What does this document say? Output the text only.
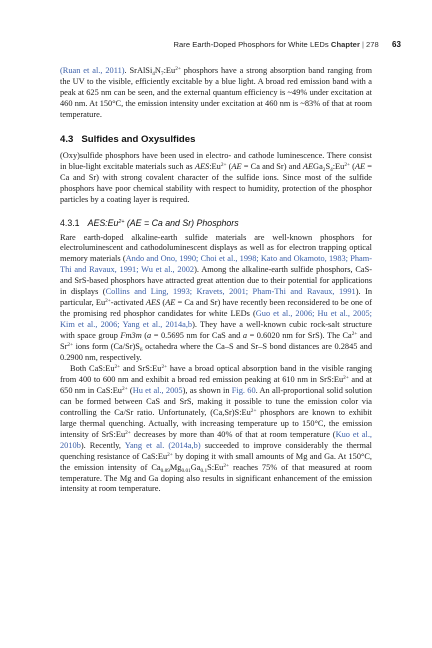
Rare Earth-Doped Phosphors for White LEDs Chapter | 278 63

(Ruan et al., 2011). $SrAlSi_4N_7:Eu^{2+}$ phosphors have a strong absorption band ranging from the UV to the visible, efficiently excitable by a blue light. A broad red emission band with a peak at 625 nm can be seen, and the external quantum efficiency is ~49% under excitation at 460 nm. At 150°C, the emission intensity under excitation at 460 nm is ~83% of that at room temperature.

4.3 Sulfides and Oxysulfides

(Oxy)sulfide phosphors have been used in electro- and cathode luminescence. There consist in blue-light excitable materials such as $AES:Eu^{2+}$ (AE = Ca and Sr) and $AEGa_2S_4:Eu^{2+}$ (AE = Ca and Sr) with strong covalent character of the sulfide ions. Since most of the sulfide phosphors have poor chemical stability with respect to humidity, protection of the phosphor particles by a coating layer is required.

4.3.1 $AES:Eu^{2+}$ (AE = Ca and Sr) Phosphors

Rare earth-doped alkaline-earth sulfide materials are well-known phosphors for electroluminescent and cathodoluminescent displays as well as for electron trapping optical memory materials (Ando and Ono, 1990; Choi et al., 1998; Kato and Okamoto, 1983; Pham-Thi and Ravaux, 1991; Wu et al., 2002). Among the alkaline-earth sulfide phosphors, CaS- and SrS-based phosphors have attracted great attention due to their potential for applications in displays (Collins and Ling, 1993; Kravets, 2001; Pham-Thi and Ravaux, 1991). In particular, $Eu^{2+}$-activated AES (AE = Ca and Sr) have recently been reconsidered to be one of the promising red phosphor candidates for white LEDs (Guo et al., 2006; Hu et al., 2005; Kim et al., 2006; Yang et al., 2014a,b). They have a well-known cubic rock-salt structure with space group Fm3m (a = 0.5695 nm for CaS and a = 0.6020 nm for SrS). The $Ca^{2+}$ and $Sr^{2+}$ ions form $(Ca/Sr)S_6$ octahedra where the Ca–S and Sr–S bond distances are 0.2845 and 0.2900 nm, respectively.

Both $CaS:Eu^{2+}$ and $SrS:Eu^{2+}$ have a broad optical absorption band in the visible ranging from 400 to 600 nm and exhibit a broad red emission peaking at 610 nm in $SrS:Eu^{2+}$ and at 650 nm in $CaS:Eu^{2+}$ (Hu et al., 2005), as shown in Fig. 60. An all-proportional solid solution can be formed between CaS and SrS, making it possible to tune the emission color via controlling the Ca/Sr ratio. Unfortunately, $(Ca,Sr)S:Eu^{2+}$ phosphors are known to exhibit large thermal quenching. Actually, with increasing temperature up to 150°C, the emission intensity of $SrS:Eu^{2+}$ decreases by more than 40% of that at room temperature (Kuo et al., 2010b). Recently, Yang et al. (2014a,b) succeeded to improve considerably the thermal quenching resistance of $CaS:Eu^{2+}$ by doping it with small amounts of Mg and Ga. At 150°C, the emission intensity of $Ca_{0.89}Mg_{0.01}Ga_{0.1}S:Eu^{2+}$ reaches 75% of that measured at room temperature. The Mg and Ga doping also results in significant enhancement of the emission intensity at room temperature.
